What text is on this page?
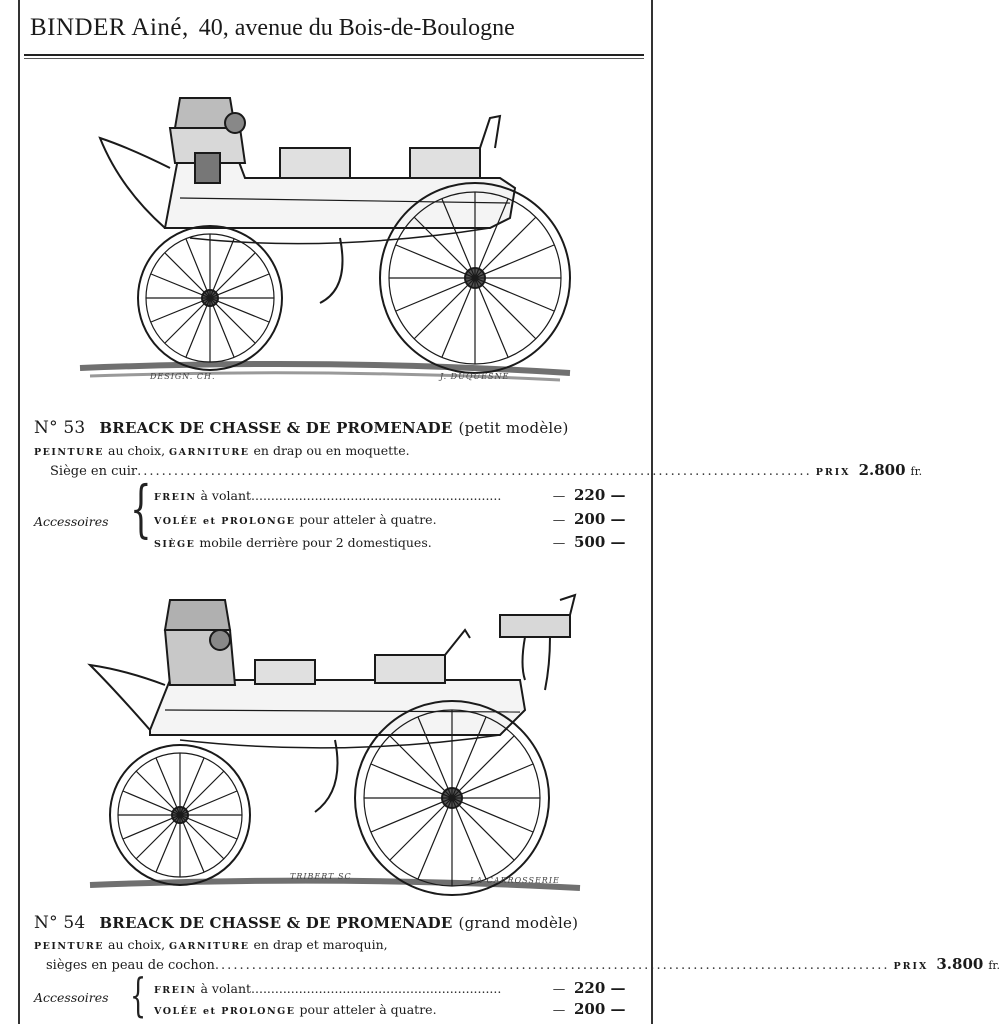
BINDER Ainé, 40, avenue du Bois-de-Boulogne
DESIGN. CH.	J. DUQUESNE
N° 53 BREACK DE CHASSE & DE PROMENADE (petit modèle)
PEINTURE au choix, GARNITURE en drap ou en moquette.
Siège en cuir .............................................................................................................. PRIX 2.800 fr.
Accessoires { FREIN à volant...............................................................	— 220 —
VOLÉE et PROLONGE pour atteler à quatre.	— 200 —
SIÈGE mobile derrière pour 2 domestiques.	— 500 —
TRIBERT SC	LA CARROSSERIE
N° 54 BREACK DE CHASSE & DE PROMENADE (grand modèle)
PEINTURE au choix, GARNITURE en drap et maroquin,
sièges en peau de cochon .............................................................................................................. PRIX 3.800 fr.
Accessoires { FREIN à volant...............................................................	— 220 —
VOLÉE et PROLONGE pour atteler à quatre.	— 200 —
